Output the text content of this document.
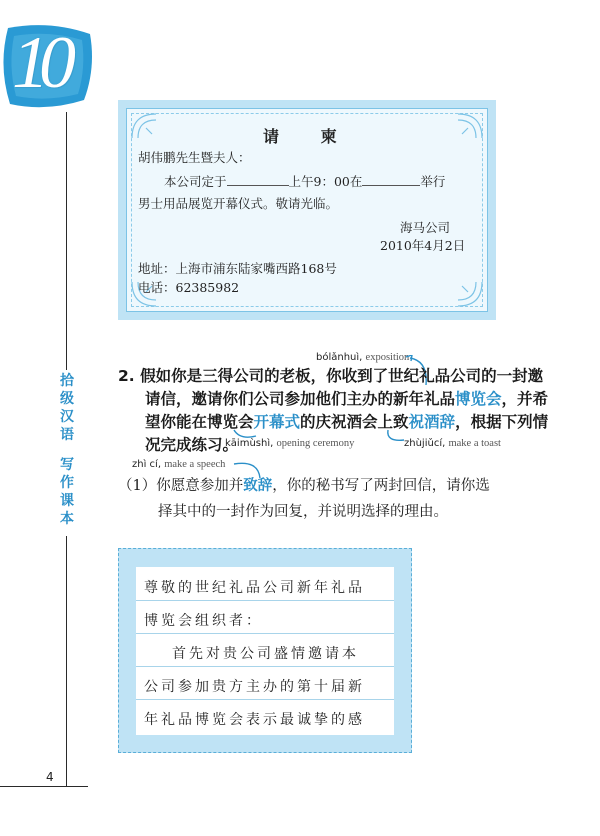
10
拾
级
汉
语
写
作
课
本
请 柬
胡伟鹏先生暨夫人：
本公司定于	上午9：00在	举行
男士用品展览开幕仪式。敬请光临。
海马公司
2010年4月2日
地址：上海市浦东陆家嘴西路168号
电话：62385982
bólǎnhuì, exposition
2. 假如你是三得公司的老板，你收到了世纪礼品公司的一封邀
请信，邀请你们公司参加他们主办的新年礼品博览会，并希
望你能在博览会开幕式的庆祝酒会上致祝酒辞，根据下列情
况完成练习。
kāimùshì, opening ceremony	zhùjiǔcí, make a toast
zhì cí, make a speech
（1）你愿意参加并致辞，你的秘书写了两封回信，请你选
择其中的一封作为回复，并说明选择的理由。
尊敬的世纪礼品公司新年礼品
博览会组织者：
首先对贵公司盛情邀请本
公司参加贵方主办的第十届新
年礼品博览会表示最诚挚的感
4
